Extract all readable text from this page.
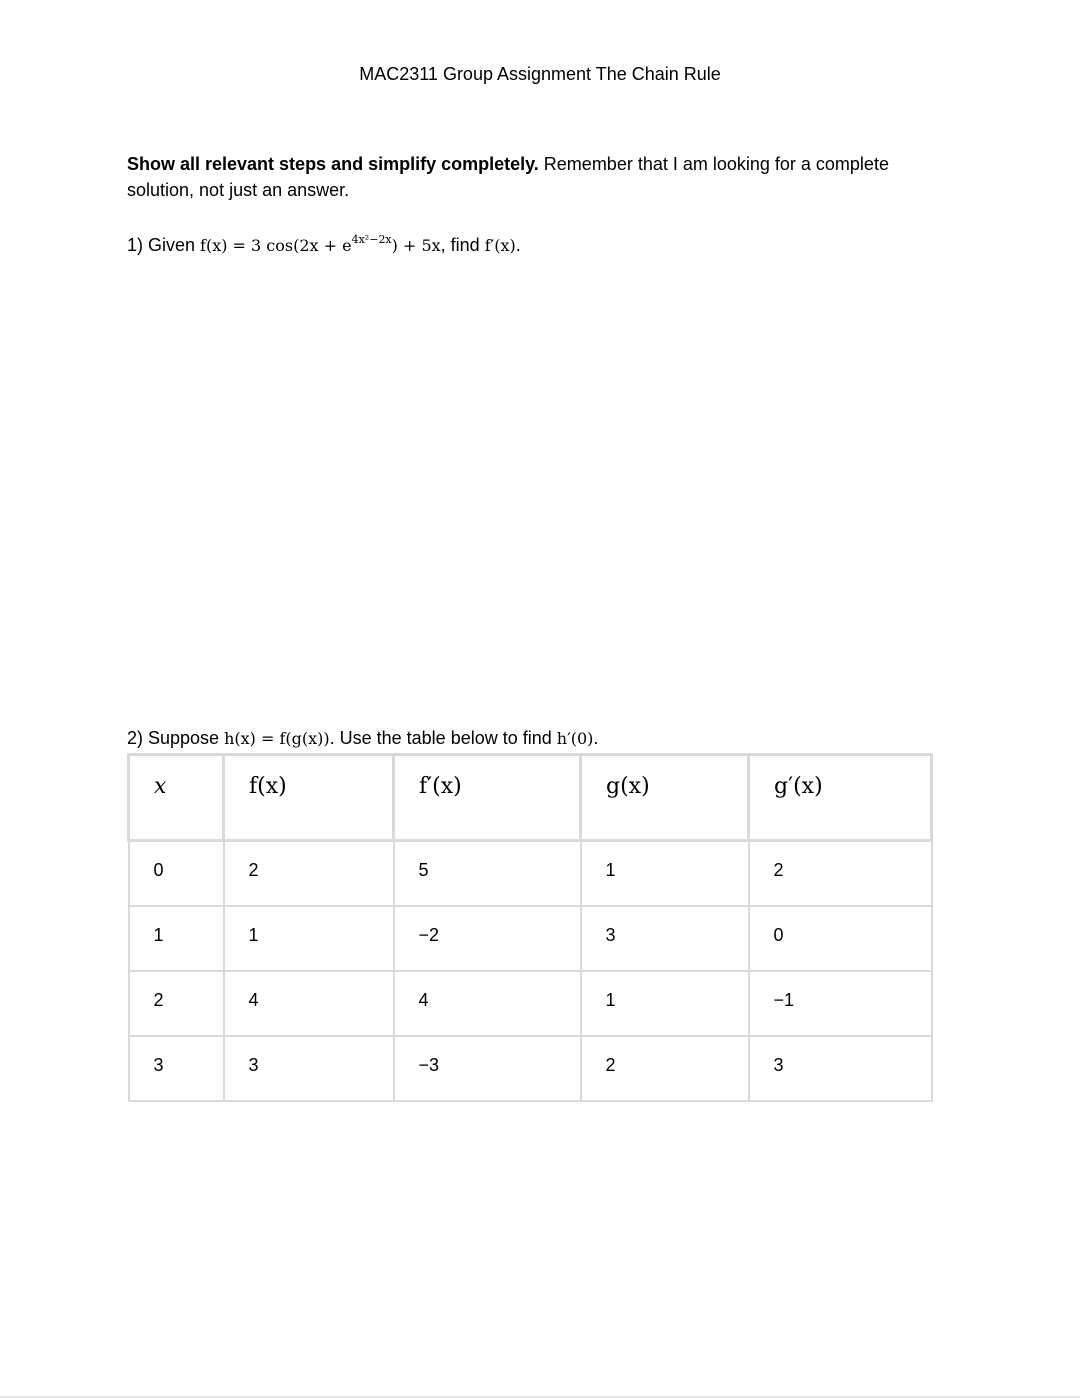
MAC2311 Group Assignment The Chain Rule
Show all relevant steps and simplify completely. Remember that I am looking for a complete solution, not just an answer.
1) Given f(x) = 3 $\cos(2x + e^{4x^2-2x}) + 5x$, find f′(x).
2) Suppose h(x) = f(g(x)). Use the table below to find h′(0).
x	f(x)	f′(x)	g(x)	g′(x)
0	2	5	1	2
1	1	−2	3	0
2	4	4	1	−1
3	3	−3	2	3
